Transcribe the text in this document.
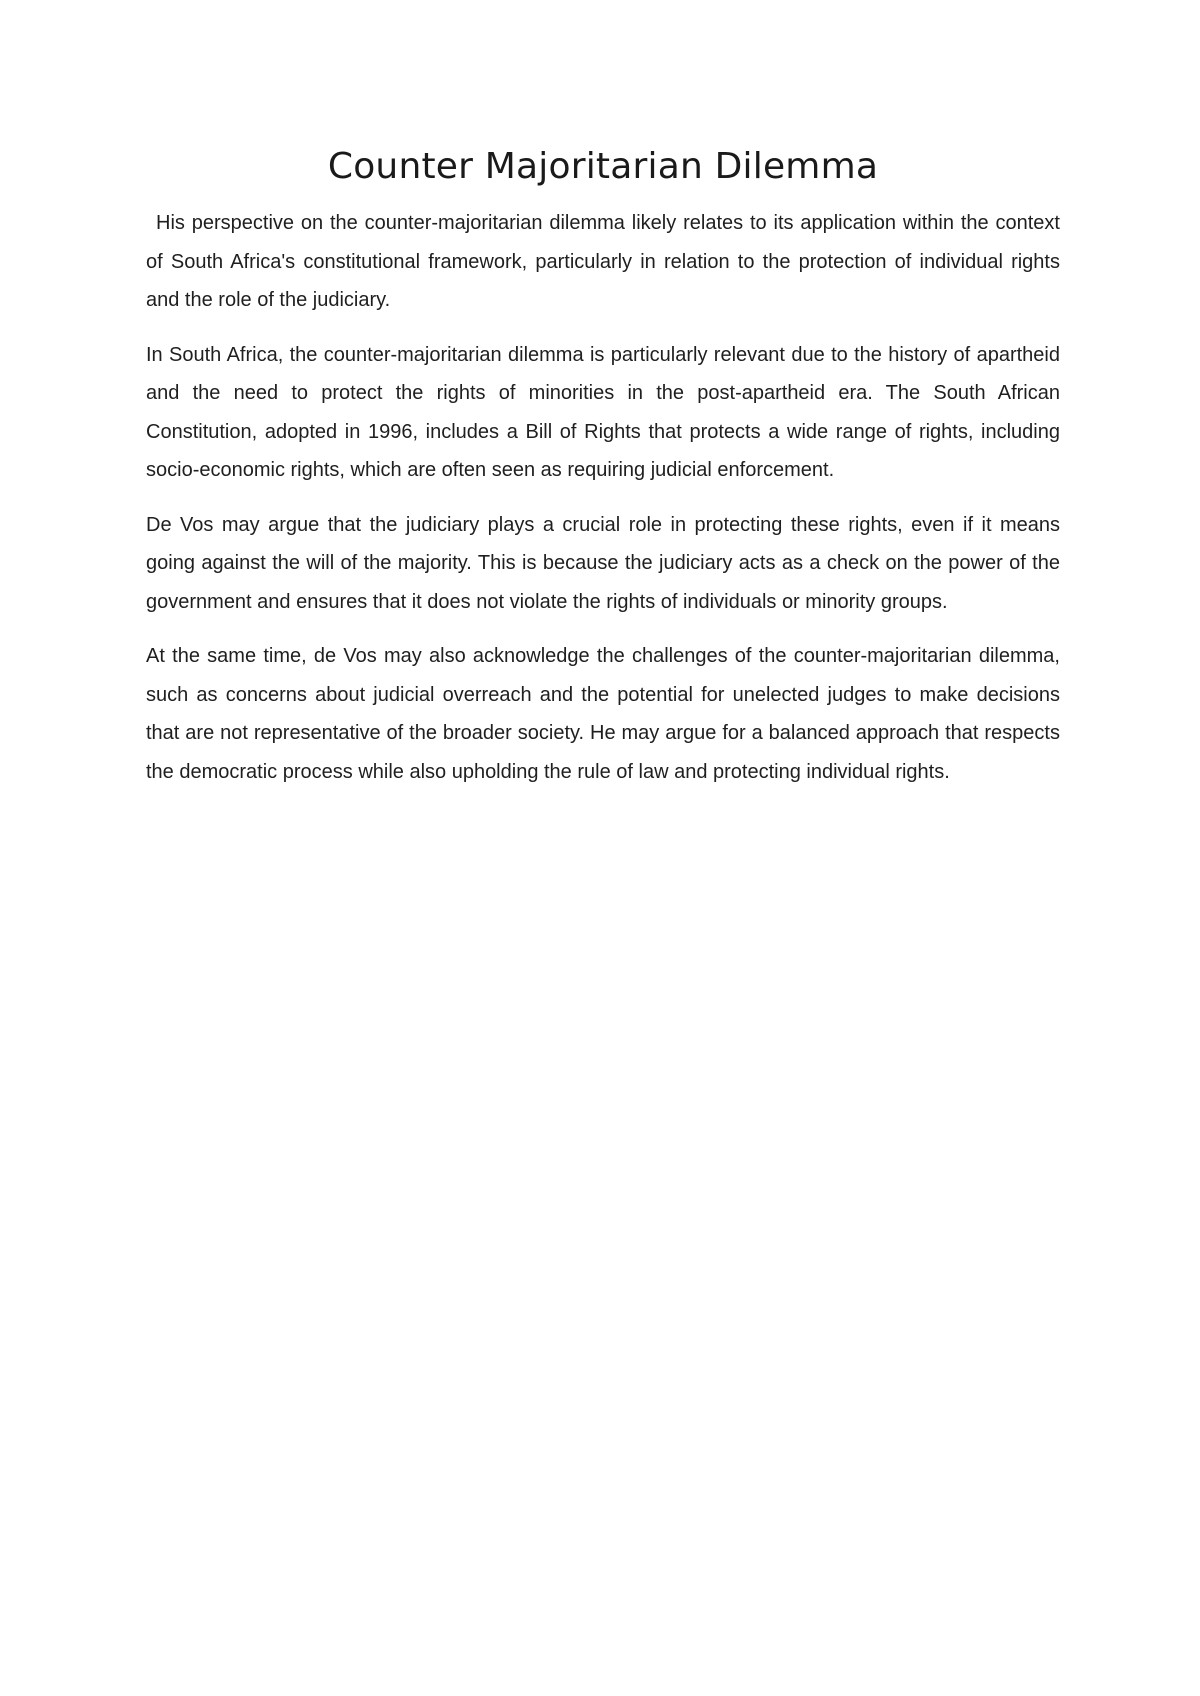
Counter Majoritarian Dilemma

His perspective on the counter-majoritarian dilemma likely relates to its application within the context of South Africa's constitutional framework, particularly in relation to the protection of individual rights and the role of the judiciary.

In South Africa, the counter-majoritarian dilemma is particularly relevant due to the history of apartheid and the need to protect the rights of minorities in the post-apartheid era. The South African Constitution, adopted in 1996, includes a Bill of Rights that protects a wide range of rights, including socio-economic rights, which are often seen as requiring judicial enforcement.

De Vos may argue that the judiciary plays a crucial role in protecting these rights, even if it means going against the will of the majority. This is because the judiciary acts as a check on the power of the government and ensures that it does not violate the rights of individuals or minority groups.

At the same time, de Vos may also acknowledge the challenges of the counter-majoritarian dilemma, such as concerns about judicial overreach and the potential for unelected judges to make decisions that are not representative of the broader society. He may argue for a balanced approach that respects the democratic process while also upholding the rule of law and protecting individual rights.
